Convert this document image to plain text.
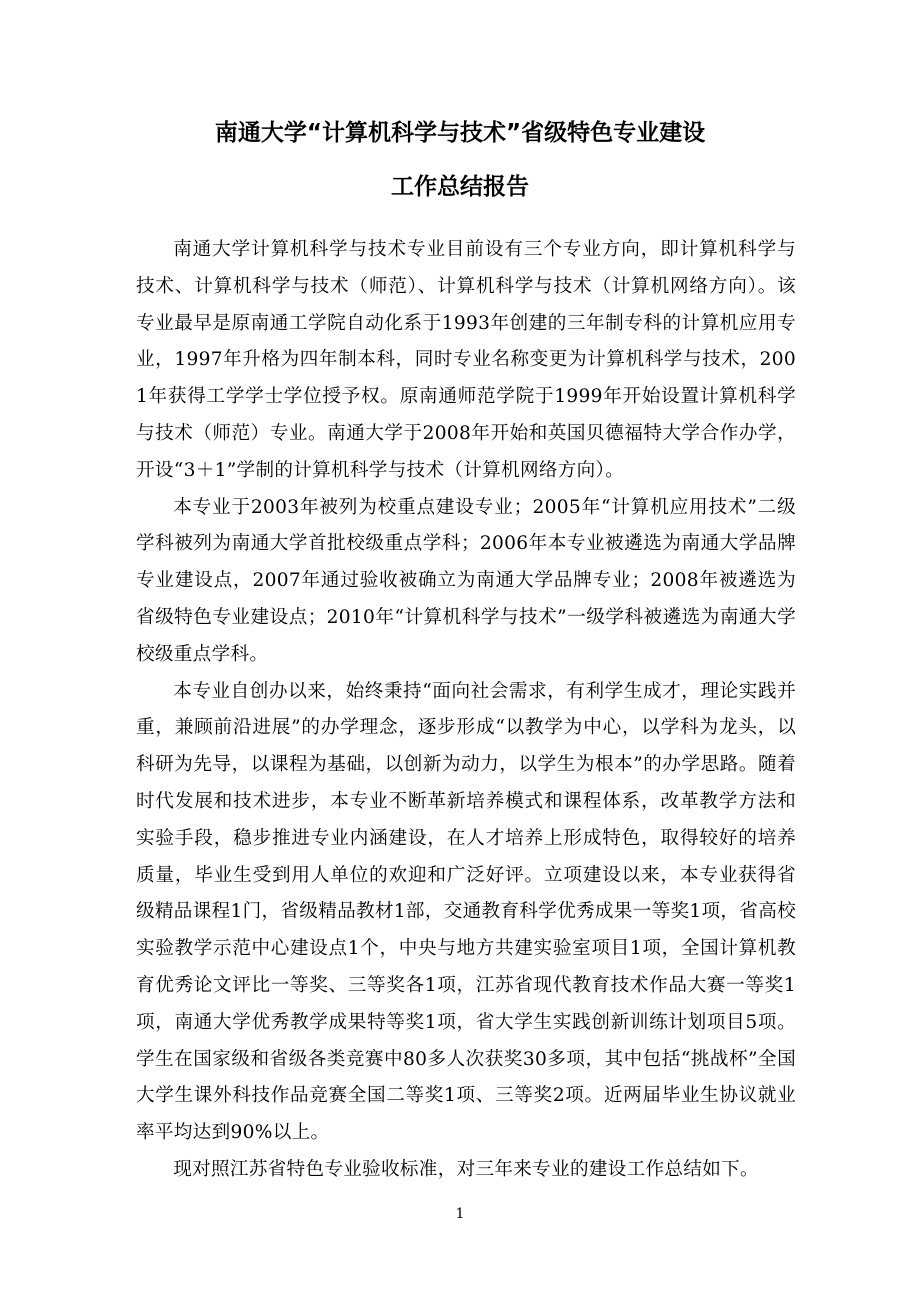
南通大学“计算机科学与技术”省级特色专业建设
工作总结报告

南通大学计算机科学与技术专业目前设有三个专业方向，即计算机科学与技术、计算机科学与技术（师范）、计算机科学与技术（计算机网络方向）。该专业最早是原南通工学院自动化系于1993年创建的三年制专科的计算机应用专业，1997年升格为四年制本科，同时专业名称变更为计算机科学与技术，2001年获得工学学士学位授予权。原南通师范学院于1999年开始设置计算机科学与技术（师范）专业。南通大学于2008年开始和英国贝德福特大学合作办学，开设“3＋1”学制的计算机科学与技术（计算机网络方向）。

本专业于2003年被列为校重点建设专业；2005年“计算机应用技术”二级学科被列为南通大学首批校级重点学科；2006年本专业被遴选为南通大学品牌专业建设点，2007年通过验收被确立为南通大学品牌专业；2008年被遴选为省级特色专业建设点；2010年“计算机科学与技术”一级学科被遴选为南通大学校级重点学科。

本专业自创办以来，始终秉持“面向社会需求，有利学生成才，理论实践并重，兼顾前沿进展”的办学理念，逐步形成“以教学为中心，以学科为龙头，以科研为先导，以课程为基础，以创新为动力，以学生为根本”的办学思路。随着时代发展和技术进步，本专业不断革新培养模式和课程体系，改革教学方法和实验手段，稳步推进专业内涵建设，在人才培养上形成特色，取得较好的培养质量，毕业生受到用人单位的欢迎和广泛好评。立项建设以来，本专业获得省级精品课程1门，省级精品教材1部，交通教育科学优秀成果一等奖1项，省高校实验教学示范中心建设点1个，中央与地方共建实验室项目1项，全国计算机教育优秀论文评比一等奖、三等奖各1项，江苏省现代教育技术作品大赛一等奖1项，南通大学优秀教学成果特等奖1项，省大学生实践创新训练计划项目5项。学生在国家级和省级各类竞赛中80多人次获奖30多项，其中包括“挑战杯”全国大学生课外科技作品竞赛全国二等奖1项、三等奖2项。近两届毕业生协议就业率平均达到90%以上。

现对照江苏省特色专业验收标准，对三年来专业的建设工作总结如下。

1
